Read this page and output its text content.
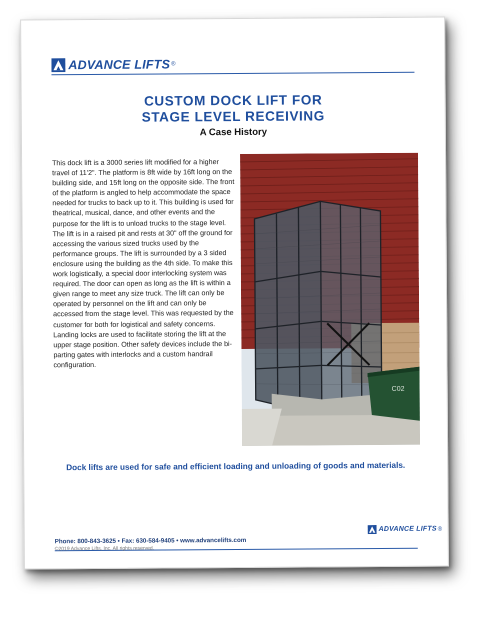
ADVANCE LIFTS ®
CUSTOM DOCK LIFT FOR
STAGE LEVEL RECEIVING
A Case History
This dock lift is a 3000 series lift modified for a higher travel of 11'2". The platform is 8ft wide by 16ft long on the building side, and 15ft long on the opposite side. The front of the platform is angled to help accommodate the space needed for trucks to back up to it. This building is used for theatrical, musical, dance, and other events and the purpose for the lift is to unload trucks to the stage level. The lift is in a raised pit and rests at 30" off the ground for accessing the various sized trucks used by the performance groups. The lift is surrounded by a 3 sided enclosure using the building as the 4th side. To make this work logistically, a special door interlocking system was required. The door can open as long as the lift is within a given range to meet any size truck. The lift can only be operated by personnel on the lift and can only be accessed from the stage level. This was requested by the customer for both for logistical and safety concerns. Landing locks are used to facilitate storing the lift at the upper stage position. Other safety devices include the bi-parting gates with interlocks and a custom handrail configuration.
C02
Dock lifts are used for safe and efficient loading and unloading of goods and materials.
ADVANCE LIFTS ®
Phone: 800-843-3625 • Fax: 630-584-9405 • www.advancelifts.com
©2019 Advance Lifts, Inc. All rights reserved.
